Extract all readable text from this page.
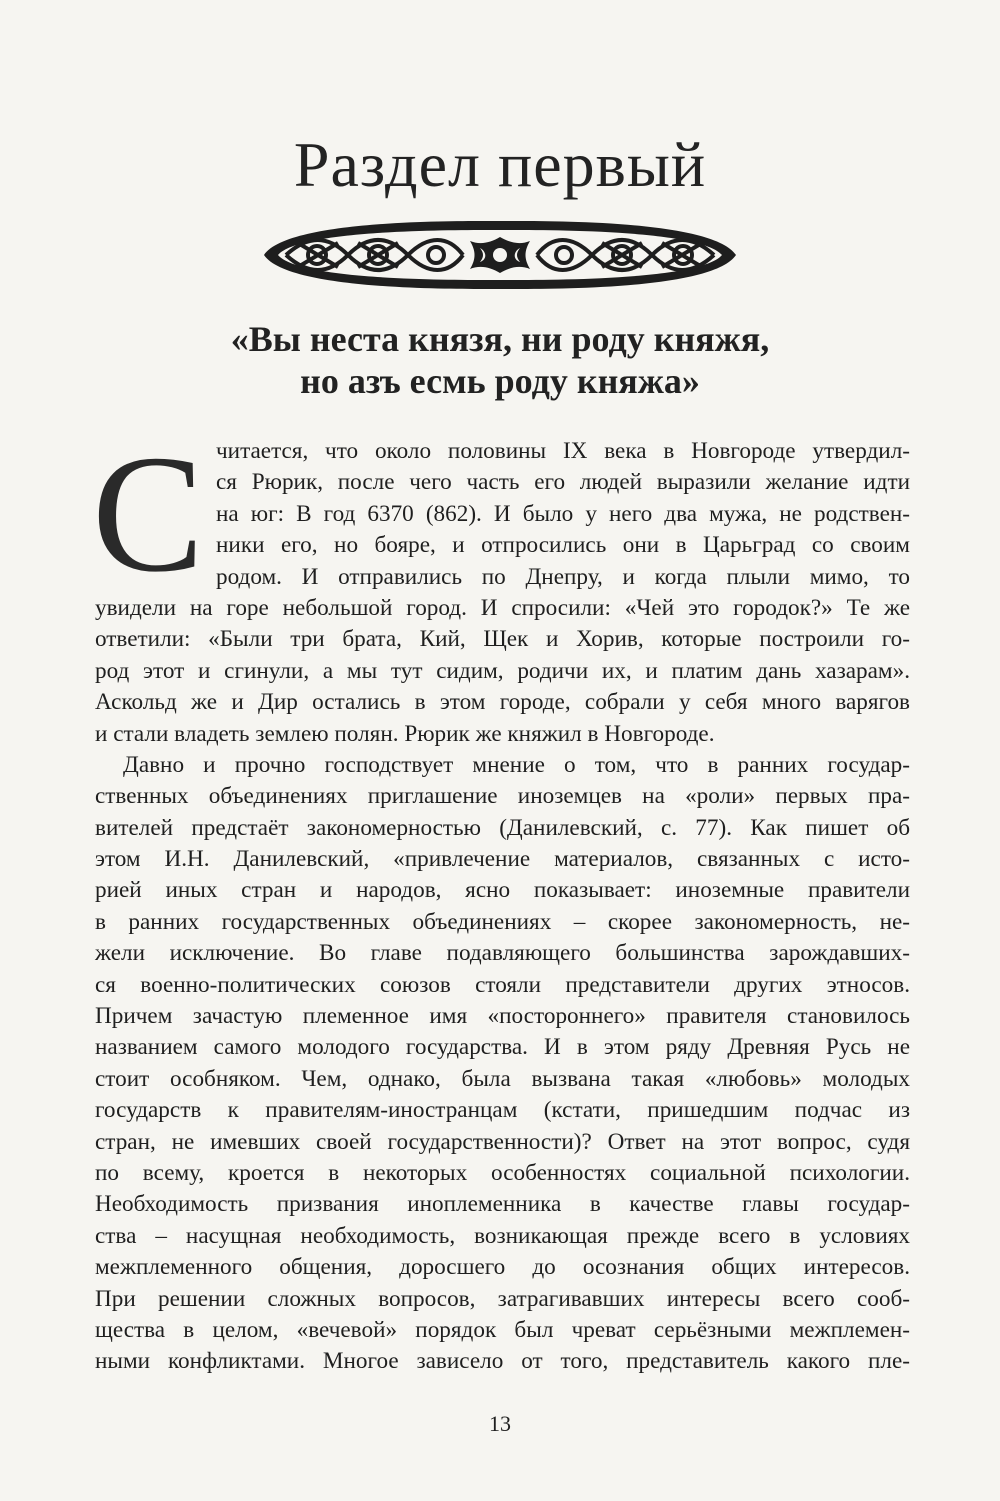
Раздел первый
«Вы неста князя, ни роду княжя,
но азъ есмь роду княжа»
С читается, что около половины IX века в Новгороде утвердил-
ся Рюрик, после чего часть его людей выразили желание идти
на юг: В год 6370 (862). И было у него два мужа, не родствен-
ники его, но бояре, и отпросились они в Царьград со своим
родом. И отправились по Днепру, и когда плыли мимо, то
увидели на горе небольшой город. И спросили: «Чей это городок?» Те же
ответили: «Были три брата, Кий, Щек и Хорив, которые построили го-
род этот и сгинули, а мы тут сидим, родичи их, и платим дань хазарам».
Аскольд же и Дир остались в этом городе, собрали у себя много варягов
и стали владеть землею полян. Рюрик же княжил в Новгороде.
Давно и прочно господствует мнение о том, что в ранних государ-
ственных объединениях приглашение иноземцев на «роли» первых пра-
вителей предстаёт закономерностью (Данилевский, с. 77). Как пишет об
этом И.Н. Данилевский, «привлечение материалов, связанных с исто-
рией иных стран и народов, ясно показывает: иноземные правители
в ранних государственных объединениях – скорее закономерность, не-
жели исключение. Во главе подавляющего большинства зарождавших-
ся военно-политических союзов стояли представители других этносов.
Причем зачастую племенное имя «постороннего» правителя становилось
названием самого молодого государства. И в этом ряду Древняя Русь не
стоит особняком. Чем, однако, была вызвана такая «любовь» молодых
государств к правителям-иностранцам (кстати, пришедшим подчас из
стран, не имевших своей государственности)? Ответ на этот вопрос, судя
по всему, кроется в некоторых особенностях социальной психологии.
Необходимость призвания иноплеменника в качестве главы государ-
ства – насущная необходимость, возникающая прежде всего в условиях
межплеменного общения, доросшего до осознания общих интересов.
При решении сложных вопросов, затрагивавших интересы всего сооб-
щества в целом, «вечевой» порядок был чреват серьёзными межплемен-
ными конфликтами. Многое зависело от того, представитель какого пле-
13
